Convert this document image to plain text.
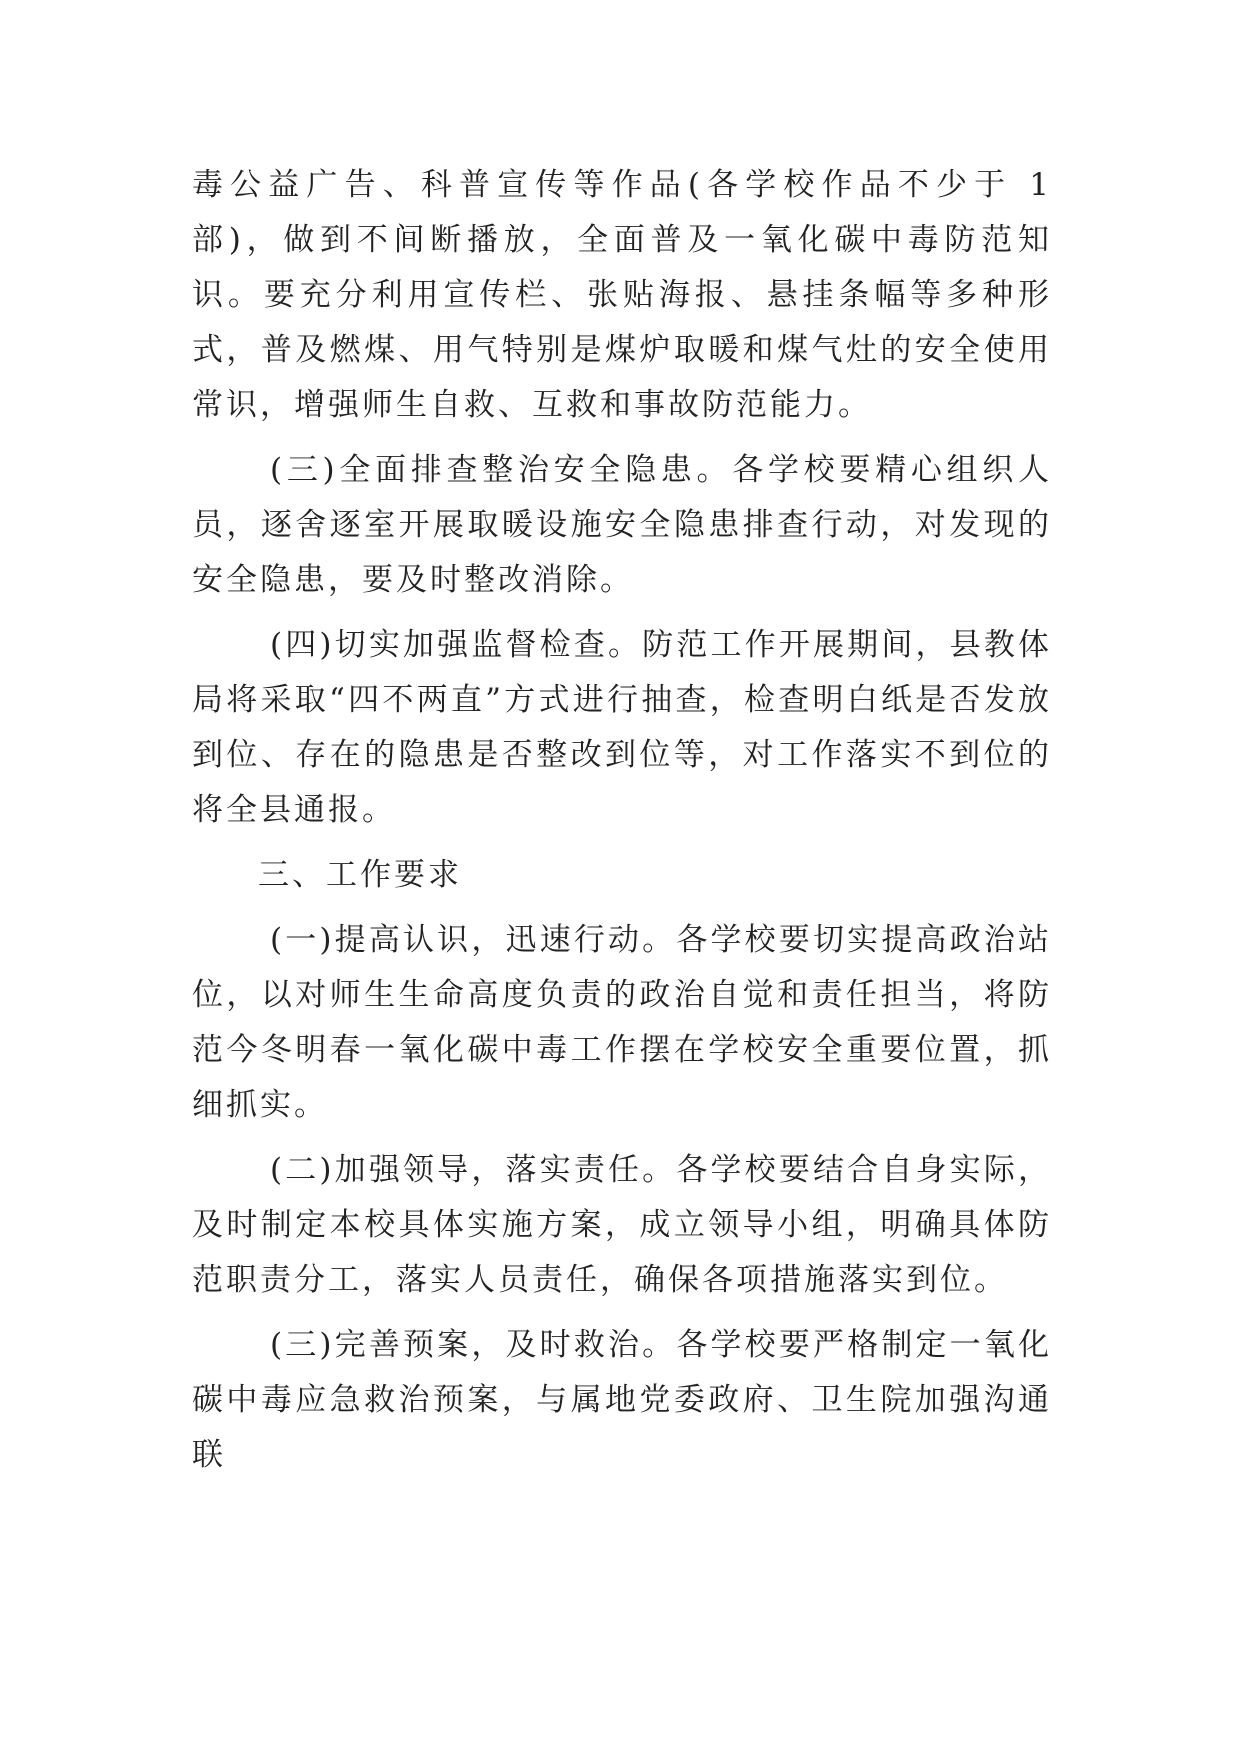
毒公益广告、科普宣传等作品(各学校作品不少于 1 部)，做到不间断播放，全面普及一氧化碳中毒防范知识。要充分利用宣传栏、张贴海报、悬挂条幅等多种形式，普及燃煤、用气特别是煤炉取暖和煤气灶的安全使用常识，增强师生自救、互救和事故防范能力。

(三)全面排查整治安全隐患。各学校要精心组织人员，逐舍逐室开展取暖设施安全隐患排查行动，对发现的安全隐患，要及时整改消除。

(四)切实加强监督检查。防范工作开展期间，县教体局将采取“四不两直”方式进行抽查，检查明白纸是否发放到位、存在的隐患是否整改到位等，对工作落实不到位的将全县通报。

三、工作要求

(一)提高认识，迅速行动。各学校要切实提高政治站位，以对师生生命高度负责的政治自觉和责任担当，将防范今冬明春一氧化碳中毒工作摆在学校安全重要位置，抓细抓实。

(二)加强领导，落实责任。各学校要结合自身实际，及时制定本校具体实施方案，成立领导小组，明确具体防范职责分工，落实人员责任，确保各项措施落实到位。

(三)完善预案，及时救治。各学校要严格制定一氧化碳中毒应急救治预案，与属地党委政府、卫生院加强沟通联
